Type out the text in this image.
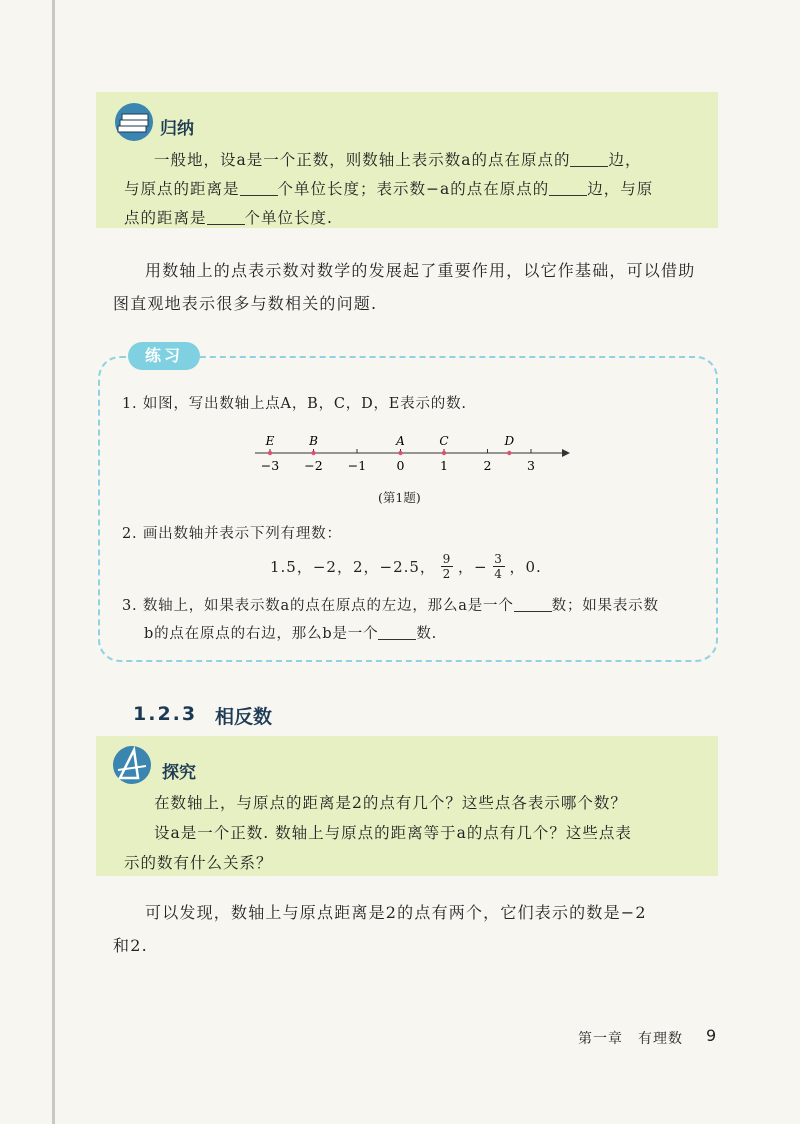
归纳
一般地，设a是一个正数，则数轴上表示数a的点在原点的 边，
与原点的距离是 个单位长度；表示数−a的点在原点的 边，与原
点的距离是 个单位长度.
用数轴上的点表示数对数学的发展起了重要作用，以它作基础，可以借助
图直观地表示很多与数相关的问题.
练习
1. 如图，写出数轴上点A，B，C，D，E表示的数.
−3 −2 −1 0	1	2	3
E	B	A	C	D
(第1题)
2. 画出数轴并表示下列有理数：
1.5，−2，2，−2.5， $\frac{9}{2}$ ，− $\frac{3}{4}$ ，0.
3. 数轴上，如果表示数a的点在原点的左边，那么a是一个	数；如果表示数
b的点在原点的右边，那么b是一个	数.
1.2.3 相反数
探究
在数轴上，与原点的距离是2的点有几个？这些点各表示哪个数？
设a是一个正数. 数轴上与原点的距离等于a的点有几个？这些点表
示的数有什么关系？
可以发现，数轴上与原点距离是2的点有两个，它们表示的数是−2
和2.
第一章　有理数 9
